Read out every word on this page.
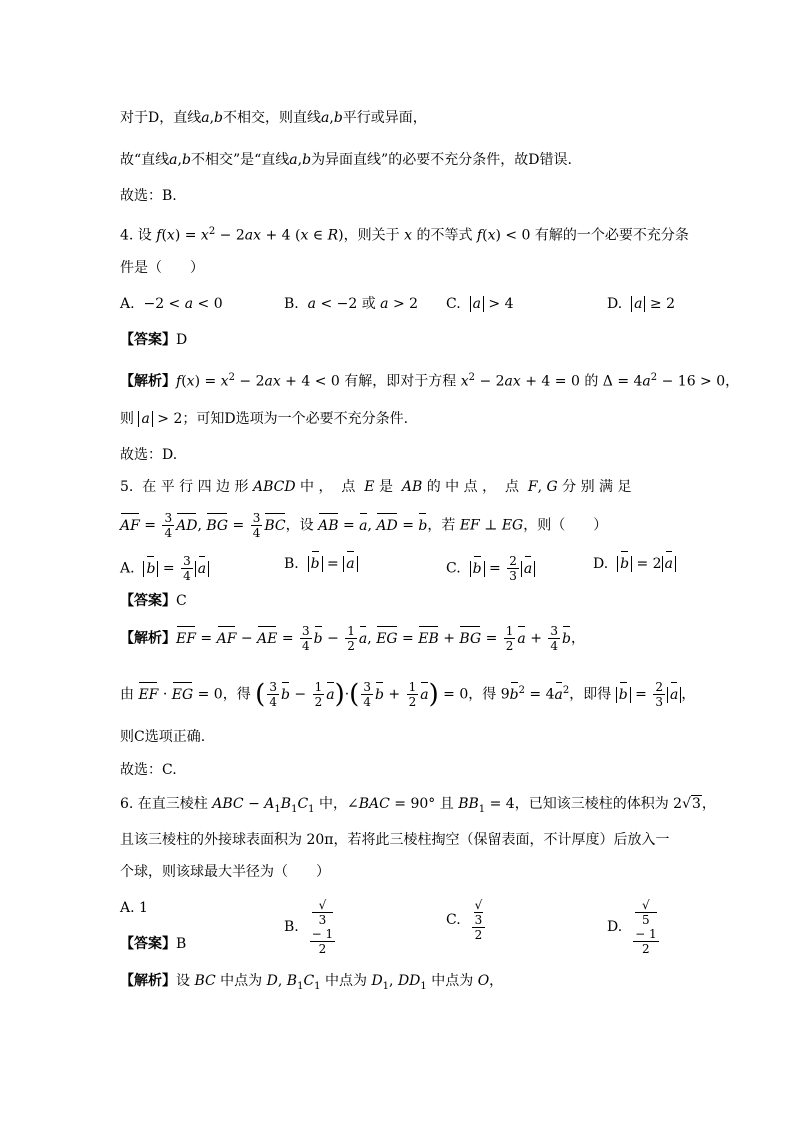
对于D，直线a,b不相交，则直线a,b平行或异面，
故“直线a,b不相交”是“直线a,b为异面直线”的必要不充分条件，故D错误.
故选：B.
4. 设 $f(x) = x^2 - 2ax + 4$ (x ∈ R)，则关于 x 的不等式 f(x) < 0 有解的一个必要不充分条
件是（　　）
A.  −2 < a < 0	B.  a < −2 或 a > 2 C.  a > 4	D.  a ≥ 2
【答案】D
【解析】$f(x) = x^2 - 2ax + 4 < 0$ 有解，即对于方程 $x^2 - 2ax + 4 = 0$ 的 $\Delta = 4a^2 - 16 > 0$，
则 a > 2；可知D选项为一个必要不充分条件.
故选：D.
5.  在 平 行 四 边 形 ABCD 中 ，  点  E 是  AB 的 中 点 ，  点  F, G 分 别 满 足
AF = $\frac{3}{4}$ AD, BG = $\frac{3}{4}$ BC，设 AB = a, AD = b，若 EF ⊥ EG，则（　　）
A.  $b = \frac{3}{4}$ a	B.  b = a	C.  $b = \frac{2}{3}$ a	D.  b = 2 a
【答案】C
【解析】EF = AF − AE = $\frac{3}{4}$ $b - \frac{1}{2} a$, EG = EB + BG = $\frac{1}{2}$ $a + \frac{3}{4}$ b，
由 EF · EG = 0，得 ( $\frac{3}{4}$ $b - \frac{1}{2} a)\cdot( \frac{3}{4}$ $b + \frac{1}{2} a) = 0$，得 $9b^2 = 4a^2$，即得 $b = \frac{2}{3}$ a ，
则C选项正确.
故选：C.
6. 在直三棱柱 ABC − $A_1B_1C_1$ 中，∠BAC = 90° 且 $BB_1 = 4$，已知该三棱柱的体积为 2√3，
且该三棱柱的外接球表面积为 20π，若将此三棱柱掏空（保留表面，不计厚度）后放入一
个球，则该球最大半径为（　　）
A. 1
B. √
3
− 1
2	C. √
3
2	D. √
5
− 1
2
【答案】B
【解析】设 BC 中点为 D, $B_1C_1$ 中点为 $D_1$, $DD_1$ 中点为 O，
